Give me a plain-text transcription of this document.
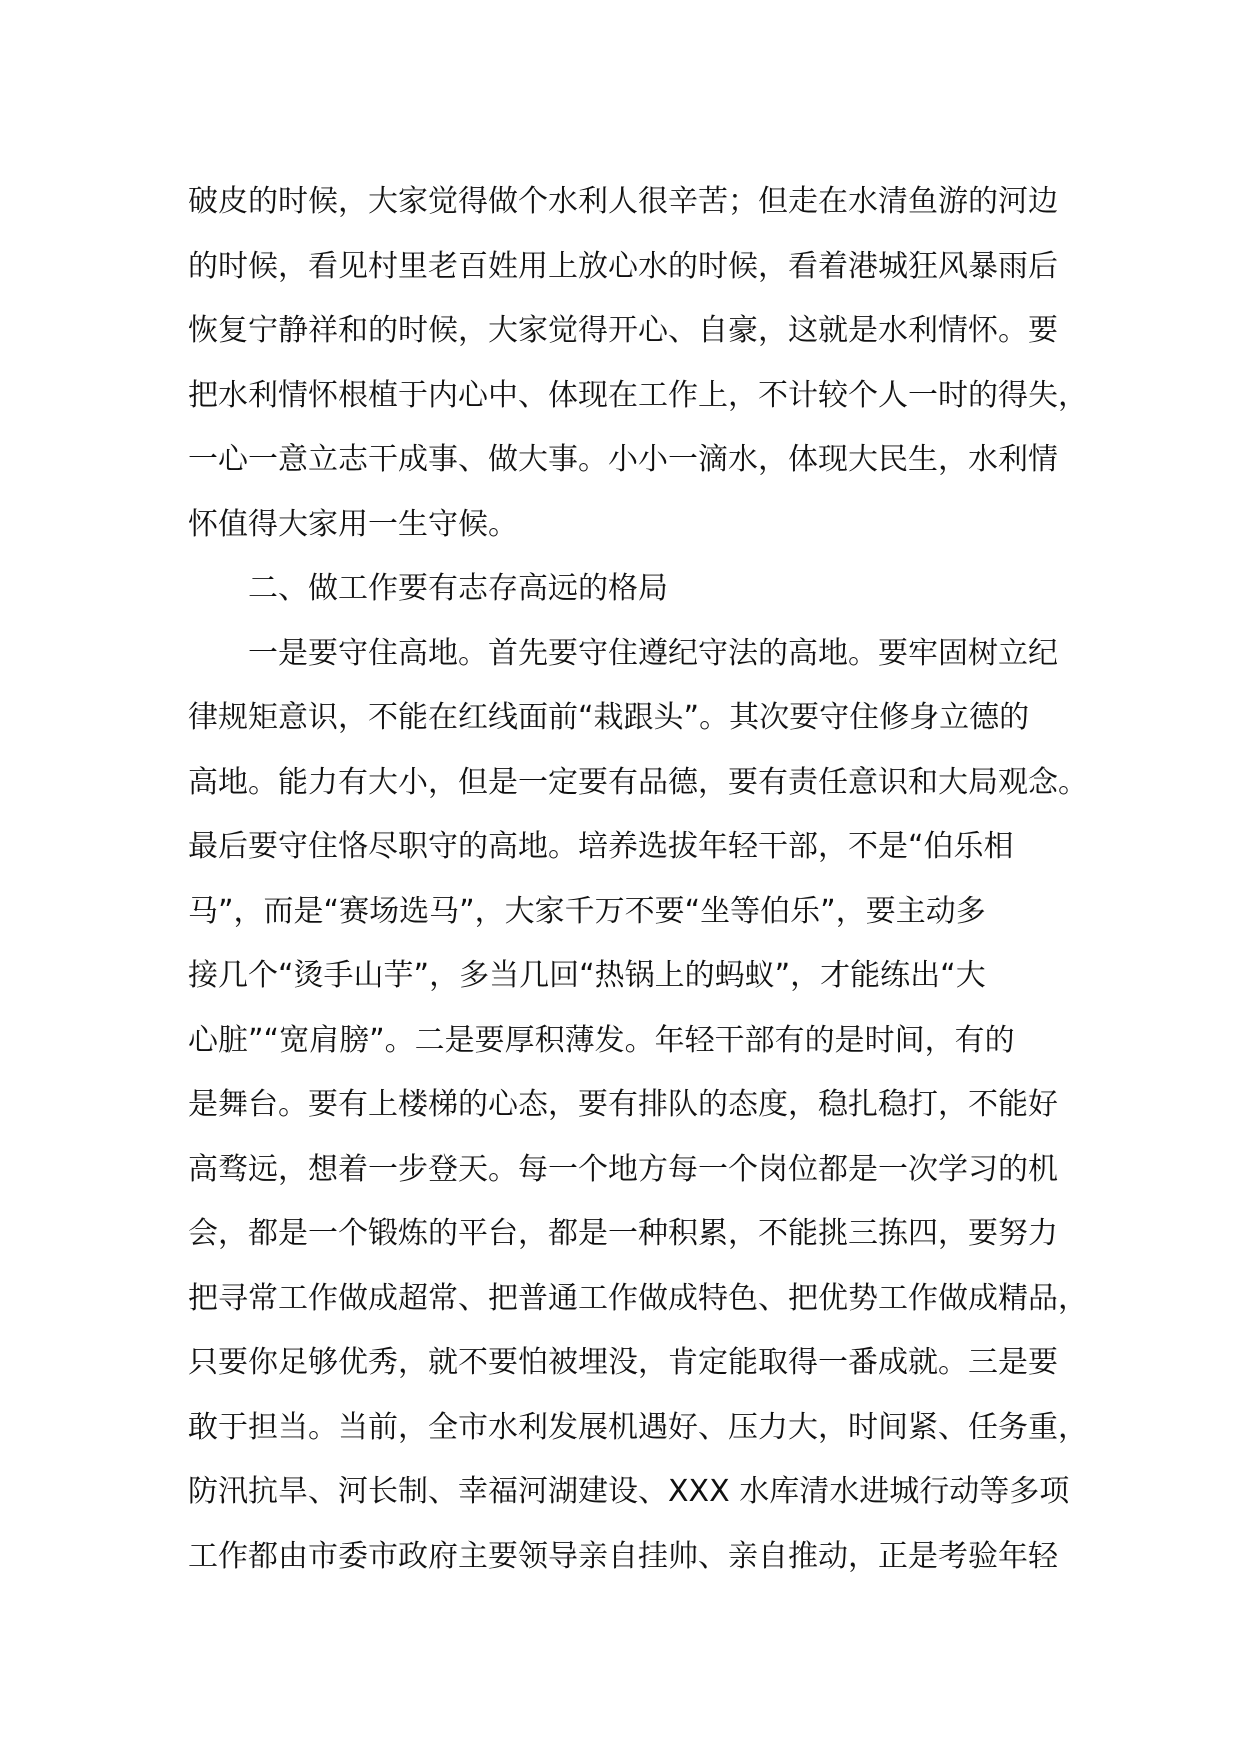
破皮的时候，大家觉得做个水利人很辛苦；但走在水清鱼游的河边
的时候，看见村里老百姓用上放心水的时候，看着港城狂风暴雨后
恢复宁静祥和的时候，大家觉得开心、自豪，这就是水利情怀。要
把水利情怀根植于内心中、体现在工作上，不计较个人一时的得失，
一心一意立志干成事、做大事。小小一滴水，体现大民生，水利情
怀值得大家用一生守候。
　　二、做工作要有志存高远的格局
　　一是要守住高地。首先要守住遵纪守法的高地。要牢固树立纪
律规矩意识，不能在红线面前“栽跟头”。其次要守住修身立德的
高地。能力有大小，但是一定要有品德，要有责任意识和大局观念。
最后要守住恪尽职守的高地。培养选拔年轻干部，不是“伯乐相
马”，而是“赛场选马”，大家千万不要“坐等伯乐”，要主动多
接几个“烫手山芋”，多当几回“热锅上的蚂蚁”，才能练出“大
心脏”“宽肩膀”。二是要厚积薄发。年轻干部有的是时间，有的
是舞台。要有上楼梯的心态，要有排队的态度，稳扎稳打，不能好
高骛远，想着一步登天。每一个地方每一个岗位都是一次学习的机
会，都是一个锻炼的平台，都是一种积累，不能挑三拣四，要努力
把寻常工作做成超常、把普通工作做成特色、把优势工作做成精品，
只要你足够优秀，就不要怕被埋没，肯定能取得一番成就。三是要
敢于担当。当前，全市水利发展机遇好、压力大，时间紧、任务重，
防汛抗旱、河长制、幸福河湖建设、XXX 水库清水进城行动等多项
工作都由市委市政府主要领导亲自挂帅、亲自推动，正是考验年轻
